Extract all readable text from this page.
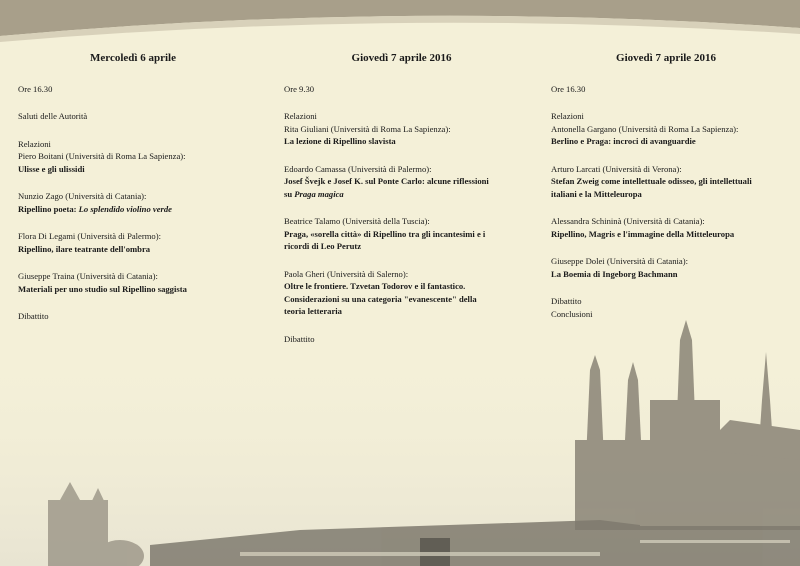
Mercoledì 6 aprile

Ore 16.30

Saluti delle Autorità

Relazioni

Piero Boitani (Università di Roma La Sapienza):

Ulisse e gli ulissidi

Nunzio Zago (Università di Catania):

Ripellino poeta: Lo splendido violino verde

Flora Di Legami (Università di Palermo):

Ripellino, ilare teatrante dell'ombra

Giuseppe Traina (Università di Catania):

Materiali per uno studio sul Ripellino saggista

Dibattito

Giovedì 7 aprile 2016

Ore 9.30

Relazioni

Rita Giuliani (Università di Roma La Sapienza):

La lezione di Ripellino slavista

Edoardo Camassa (Università di Palermo):

Josef Švejk e Josef K. sul Ponte Carlo: alcune riflessioni

su Praga magica

Beatrice Talamo (Università della Tuscia):

Praga, «sorella città» di Ripellino tra gli incantesimi e i

ricordi di Leo Perutz

Paola Gheri (Università di Salerno):

Oltre le frontiere. Tzvetan Todorov e il fantastico.

Considerazioni su una categoria "evanescente" della

teoria letteraria

Dibattito

Giovedì 7 aprile 2016

Ore 16.30

Relazioni

Antonella Gargano (Università di Roma La Sapienza):

Berlino e Praga: incroci di avanguardie

Arturo Larcati (Università di Verona):

Stefan Zweig come intellettuale odisseo, gli intellettuali

italiani e la Mitteleuropa

Alessandra Schininà (Università di Catania):

Ripellino, Magris e l'immagine della Mitteleuropa

Giuseppe Dolei (Università di Catania):

La Boemia di Ingeborg Bachmann

Dibattito

Conclusioni
